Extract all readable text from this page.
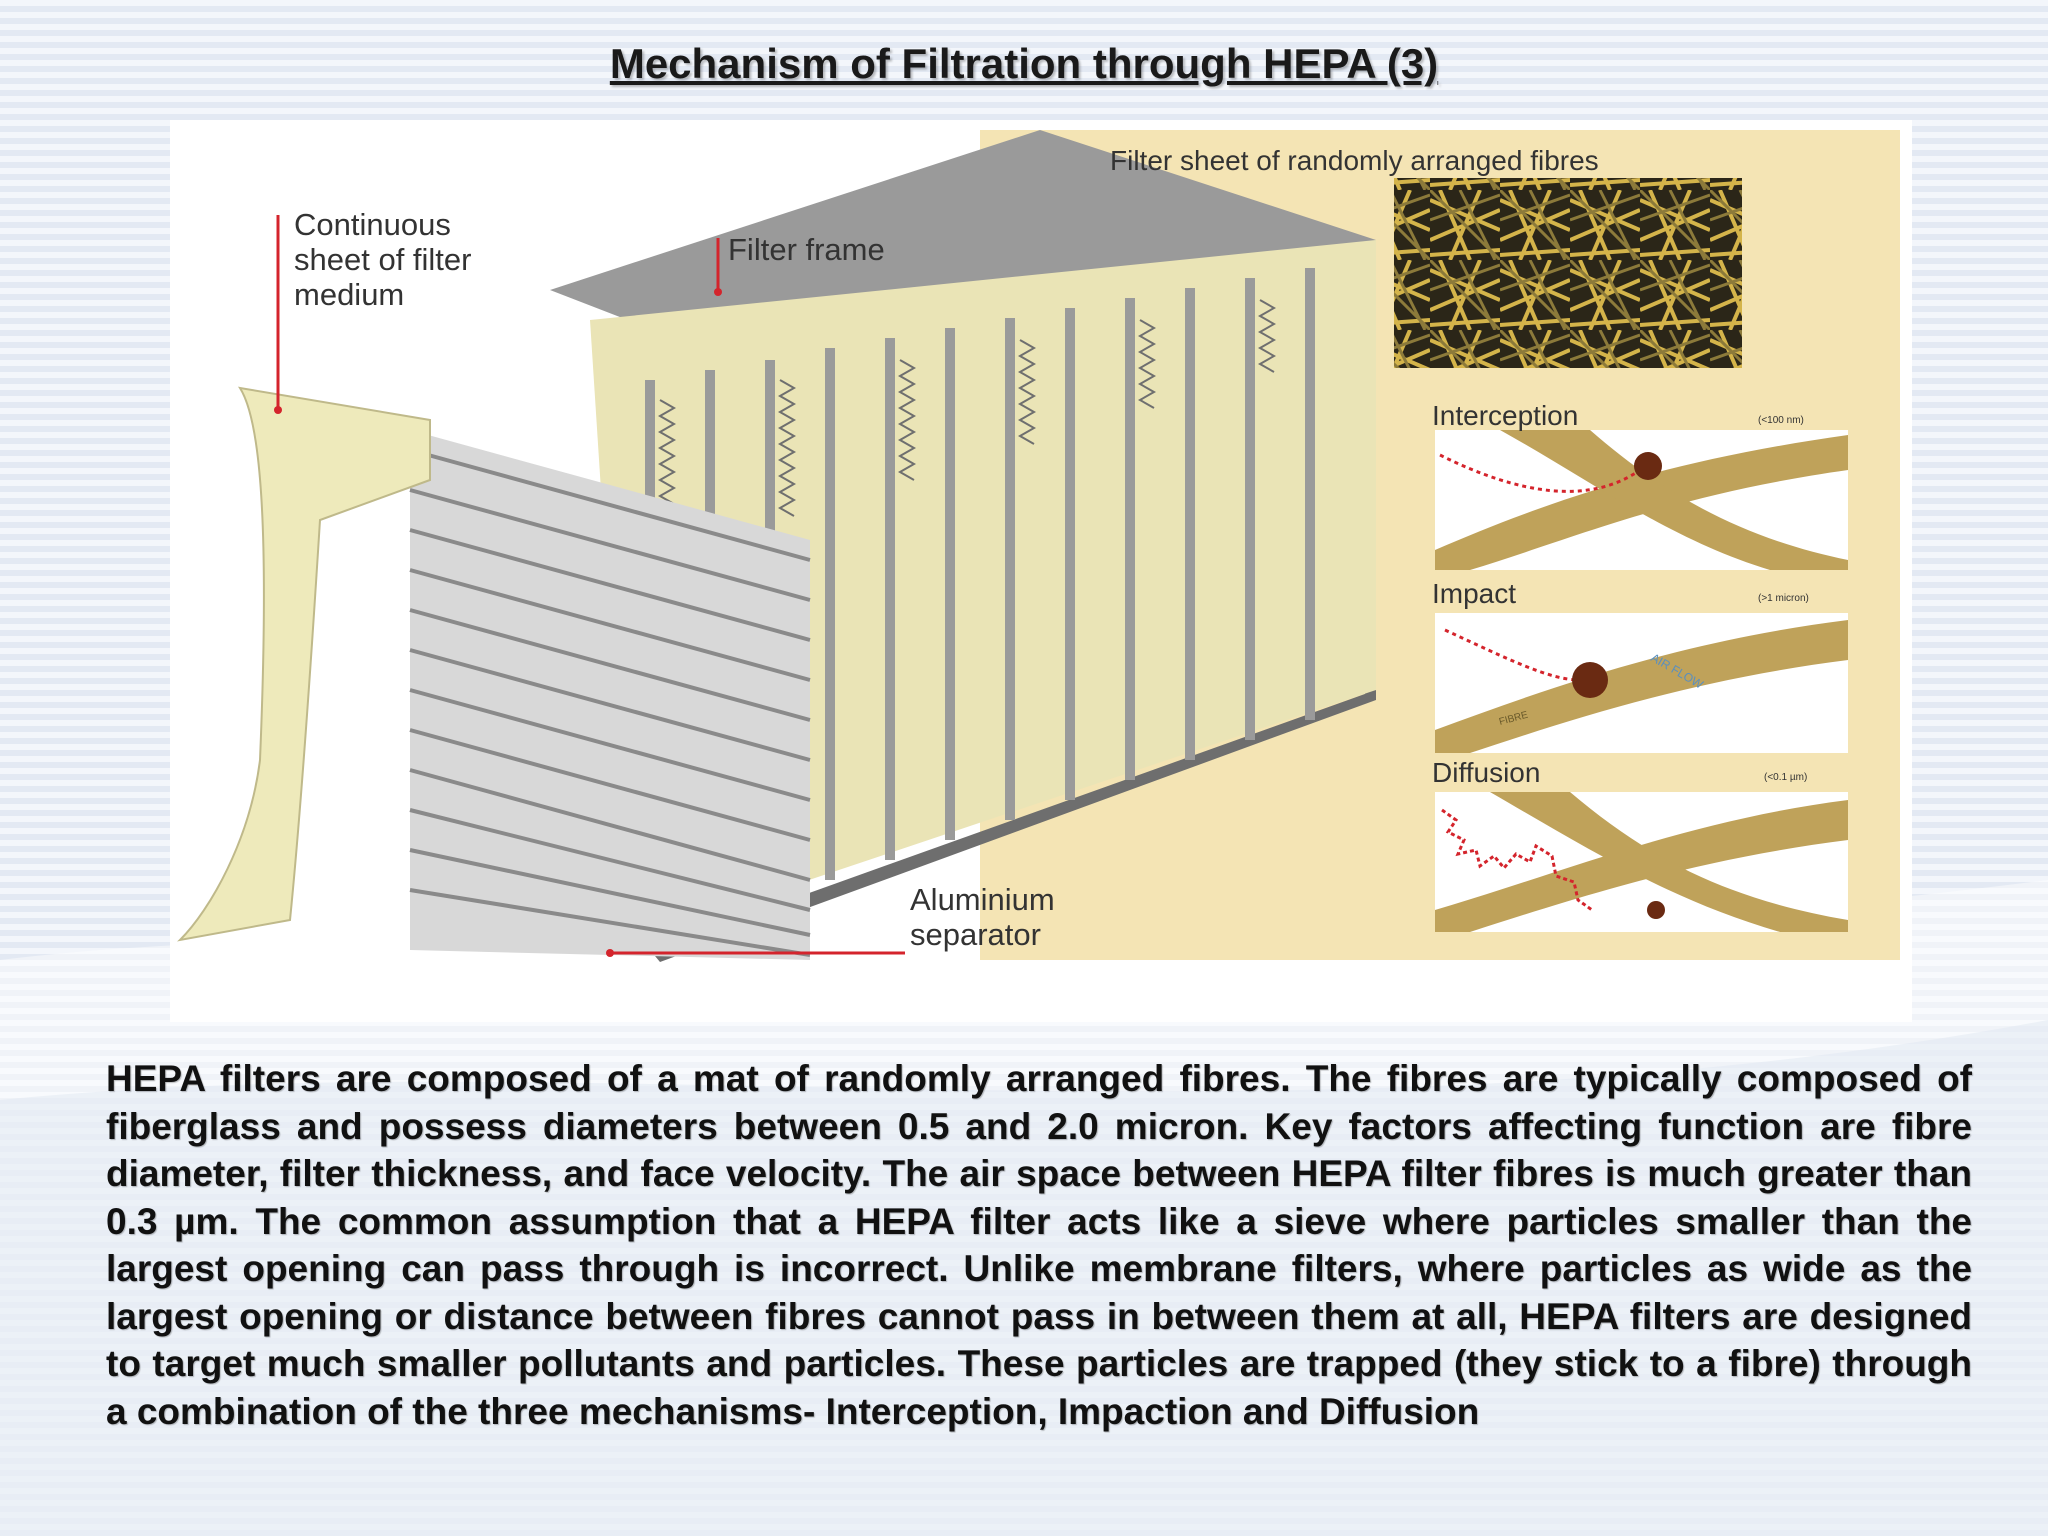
Mechanism of Filtration through HEPA (3)
AIR FLOW
FIBRE
Continuous
sheet of filter
medium
Filter frame
Filter sheet of randomly arranged fibres
Aluminium
separator
Interception	(<100 nm)
Impact	(>1 micron)
Diffusion	(<0.1 µm)
HEPA filters are composed of a mat of randomly arranged fibres. The fibres are typically composed of fiberglass and possess diameters between 0.5 and 2.0 micron. Key factors affecting function are fibre diameter, filter thickness, and face velocity. The air space between HEPA filter fibres is much greater than 0.3 µm. The common assumption that a HEPA filter acts like a sieve where particles smaller than the largest opening can pass through is incorrect. Unlike membrane filters, where particles as wide as the largest opening or distance between fibres cannot pass in between them at all, HEPA filters are designed to target much smaller pollutants and particles. These particles are trapped (they stick to a fibre) through a combination of the three mechanisms- Interception, Impaction and Diffusion
